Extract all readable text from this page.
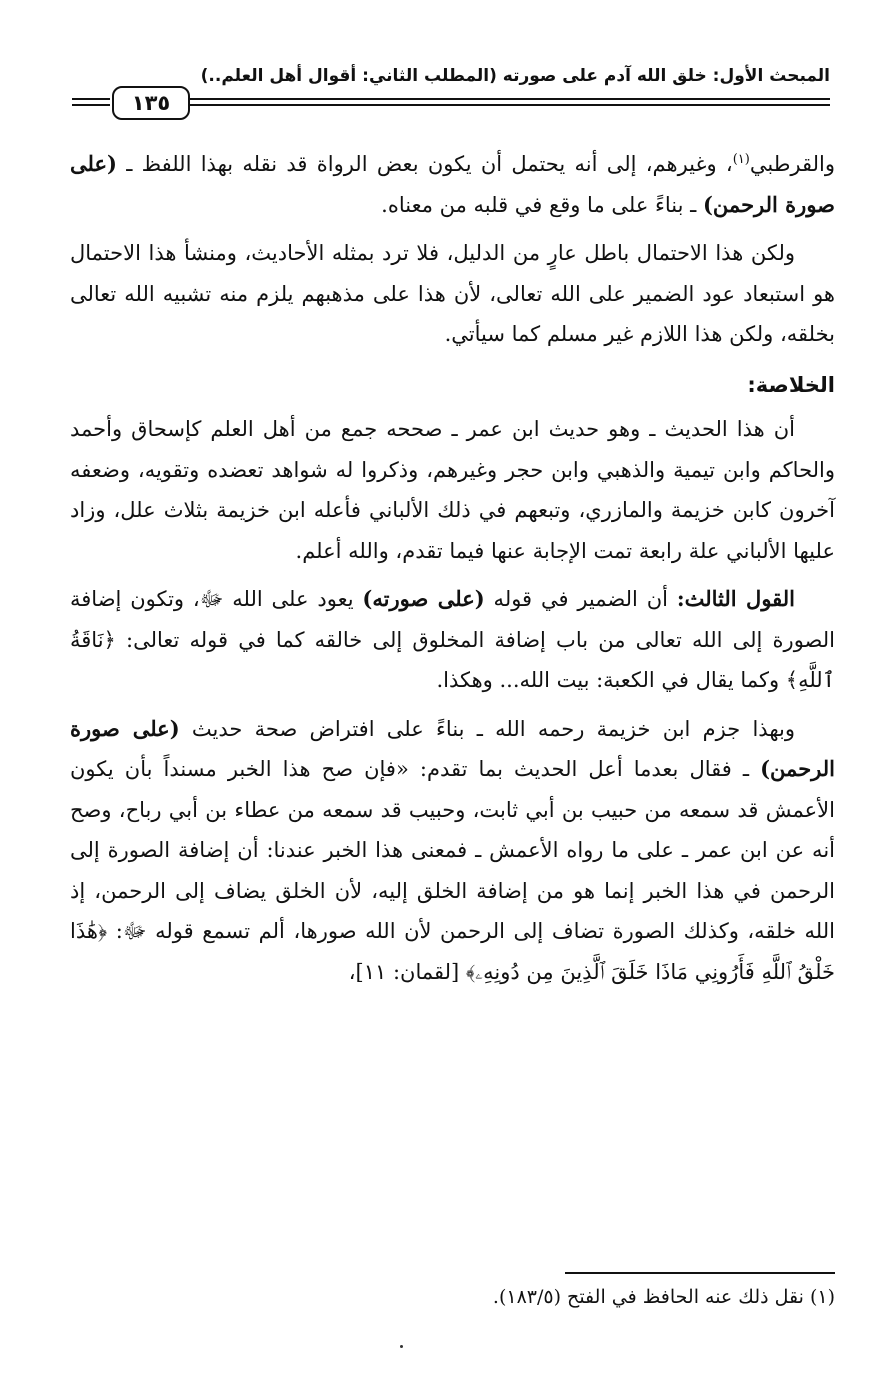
المبحث الأول: خلق الله آدم على صورته (المطلب الثاني: أقوال أهل العلم..)
١٣٥

والقرطبي$^{(١)}$، وغيرهم، إلى أنه يحتمل أن يكون بعض الرواة قد نقله بهذا اللفظ ـ (على صورة الرحمن) ـ بناءً على ما وقع في قلبه من معناه.

ولكن هذا الاحتمال باطل عارٍ من الدليل، فلا ترد بمثله الأحاديث، ومنشأ هذا الاحتمال هو استبعاد عود الضمير على الله تعالى، لأن هذا على مذهبهم يلزم منه تشبيه الله تعالى بخلقه، ولكن هذا اللازم غير مسلم كما سيأتي.

الخلاصة:

أن هذا الحديث ـ وهو حديث ابن عمر ـ صححه جمع من أهل العلم كإسحاق وأحمد والحاكم وابن تيمية والذهبي وابن حجر وغيرهم، وذكروا له شواهد تعضده وتقويه، وضعفه آخرون كابن خزيمة والمازري، وتبعهم في ذلك الألباني فأعله ابن خزيمة بثلاث علل، وزاد عليها الألباني علة رابعة تمت الإجابة عنها فيما تقدم، والله أعلم.

القول الثالث: أن الضمير في قوله (على صورته) يعود على الله ﷻ، وتكون إضافة الصورة إلى الله تعالى من باب إضافة المخلوق إلى خالقه كما في قوله تعالى: ﴿نَاقَةُ ٱللَّهِ﴾ وكما يقال في الكعبة: بيت الله... وهكذا.

وبهذا جزم ابن خزيمة رحمه الله ـ بناءً على افتراض صحة حديث (على صورة الرحمن) ـ فقال بعدما أعل الحديث بما تقدم: «فإن صح هذا الخبر مسنداً بأن يكون الأعمش قد سمعه من حبيب بن أبي ثابت، وحبيب قد سمعه من عطاء بن أبي رباح، وصح أنه عن ابن عمر ـ على ما رواه الأعمش ـ فمعنى هذا الخبر عندنا: أن إضافة الصورة إلى الرحمن في هذا الخبر إنما هو من إضافة الخلق إليه، لأن الخلق يضاف إلى الرحمن، إذ الله خلقه، وكذلك الصورة تضاف إلى الرحمن لأن الله صورها، ألم تسمع قوله ﷻ: ﴿هَٰذَا خَلْقُ ٱللَّهِ فَأَرُونِي مَاذَا خَلَقَ ٱلَّذِينَ مِن دُونِهِۦ﴾ [لقمان: ١١]،

(١) نقل ذلك عنه الحافظ في الفتح (١٨٣/٥).
